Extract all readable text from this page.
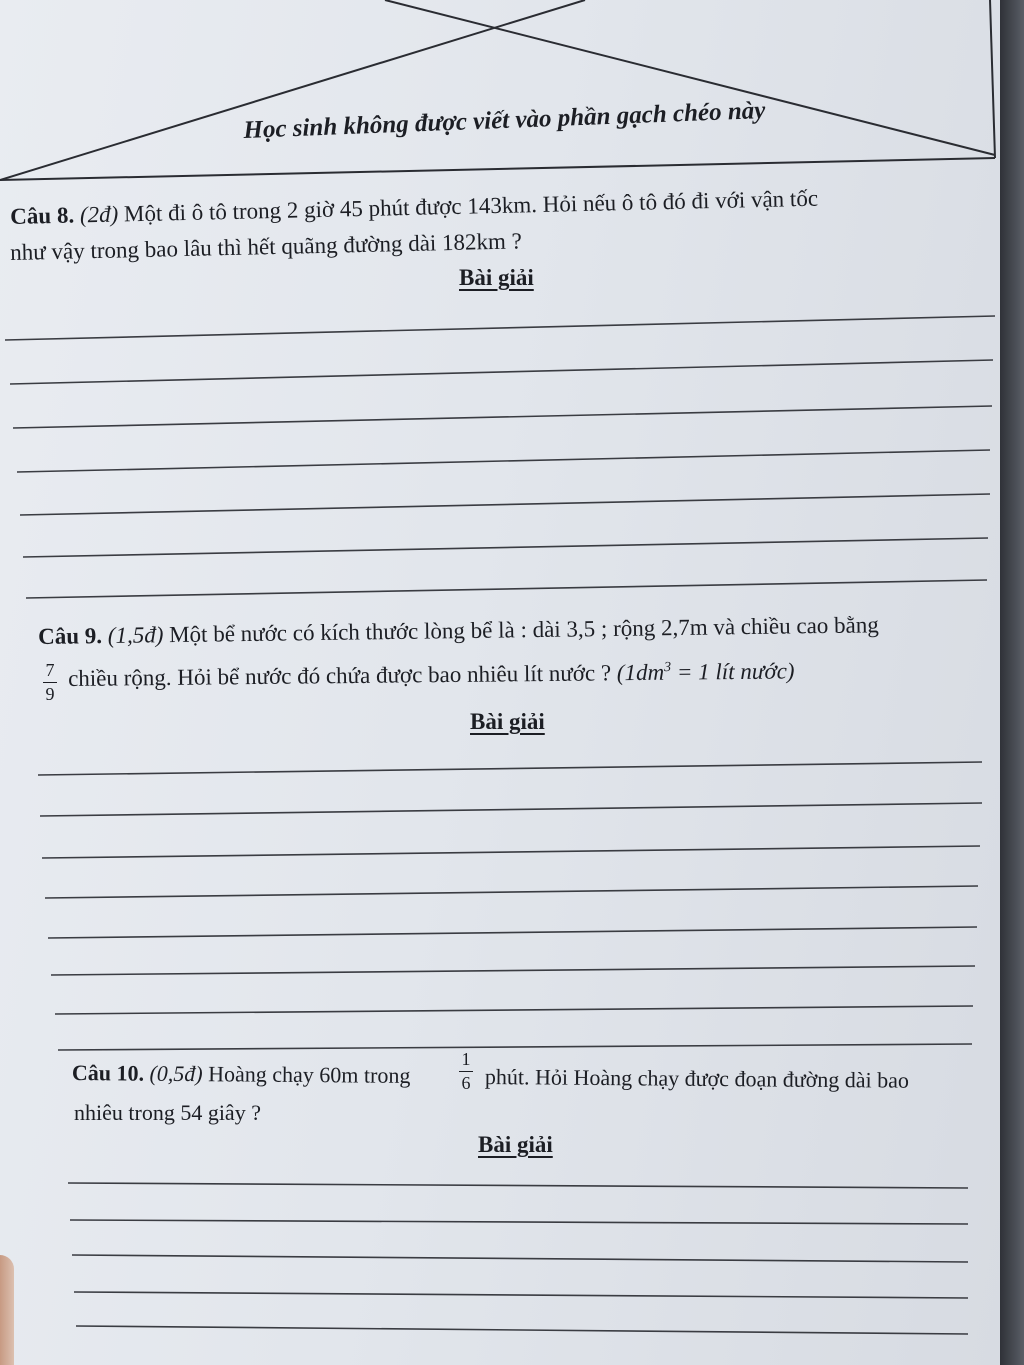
Học sinh không được viết vào phần gạch chéo này
Câu 8. (2đ) Một đi ô tô trong 2 giờ 45 phút được 143km. Hỏi nếu ô tô đó đi với vận tốc
như vậy trong bao lâu thì hết quãng đường dài 182km ?
Bài giải
Câu 9. (1,5đ) Một bể nước có kích thước lòng bể là : dài 3,5 ; rộng 2,7m và chiều cao bằng
7
9
chiều rộng. Hỏi bể nước đó chứa được bao nhiêu lít nước ? ($1dm^3 = 1$ lít nước)
Bài giải
Câu 10. (0,5đ) Hoàng chạy 60m trong
1
6 phút. Hỏi Hoàng chạy được đoạn đường dài bao
nhiêu trong 54 giây ?
Bài giải
